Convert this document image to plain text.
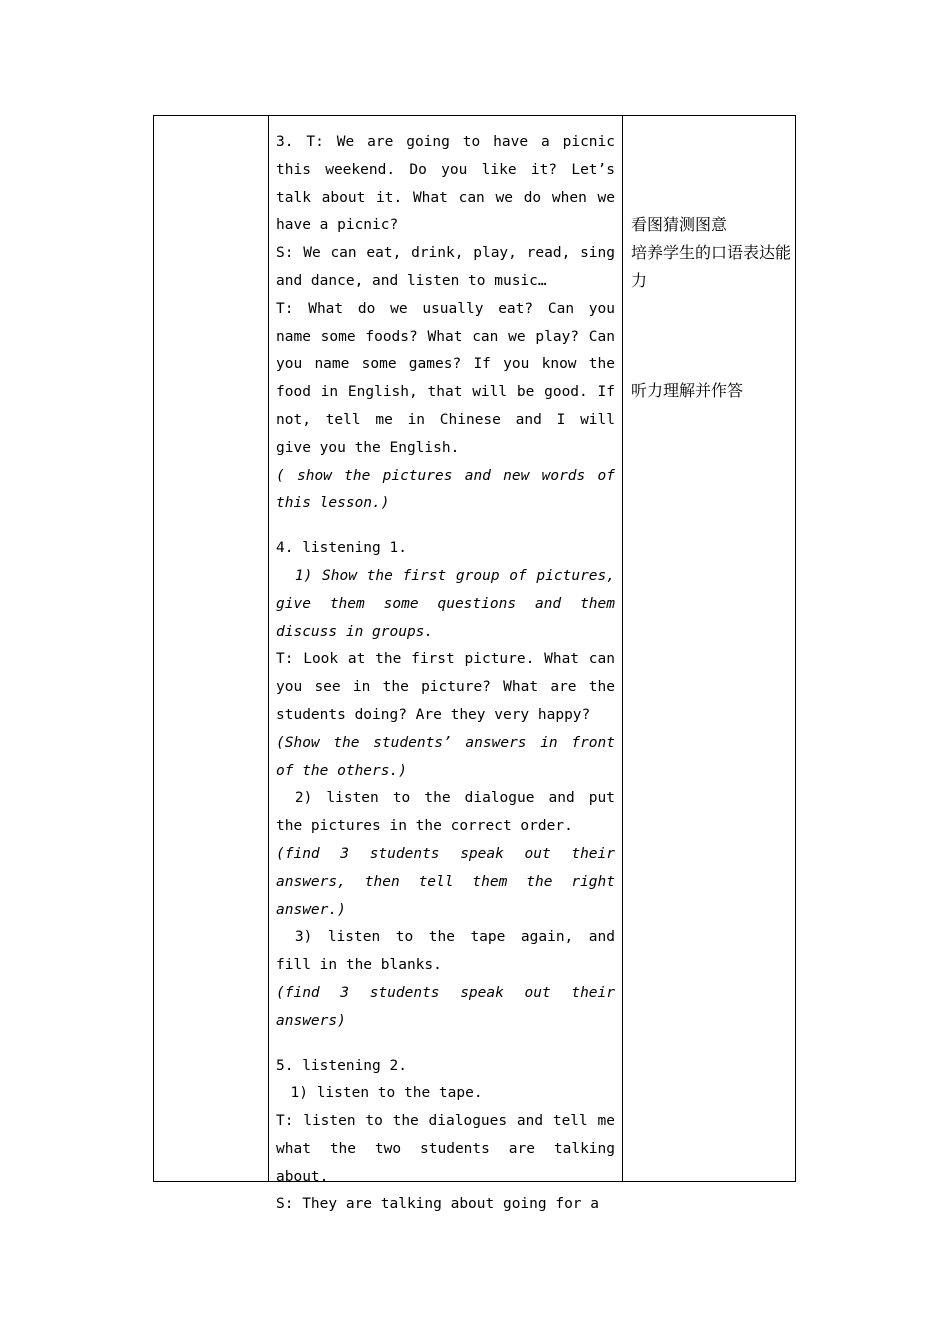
3. T: We are going to have a picnic this weekend. Do you like it? Let’s talk about it. What can we do when we have a picnic?

S: We can eat, drink, play, read, sing and dance, and listen to music…

T: What do we usually eat? Can you name some foods? What can we play? Can you name some games? If you know the food in English, that will be good. If not, tell me in Chinese and I will give you the English.

( show the pictures and new words of this lesson.)

4. listening 1.

1) Show the first group of pictures, give them some questions and them discuss in groups.

T: Look at the first picture. What can you see in the picture? What are the students doing? Are they very happy?

(Show the students’ answers in front of the others.)

2) listen to the dialogue and put the pictures in the correct order.

(find 3 students speak out their answers, then tell them the right answer.)

3) listen to the tape again, and fill in the blanks.

(find 3 students speak out their answers)

5. listening 2.

1) listen to the tape.

T: listen to the dialogues and tell me what the two students are talking about.

S: They are talking about going for a

看图猜测图意
培养学生的口语表达能力
听力理解并作答
